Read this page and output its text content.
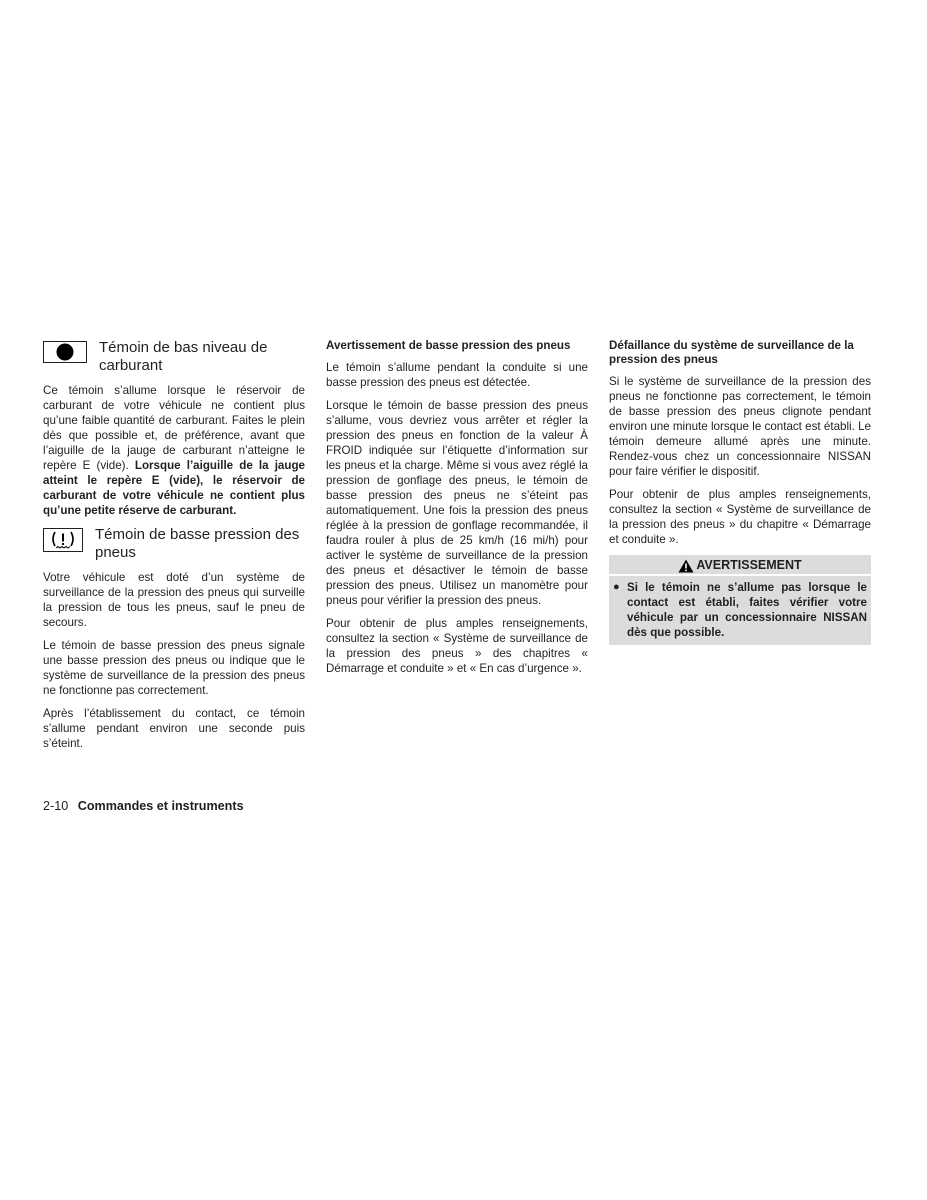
Témoin de bas niveau de carburant

Ce témoin s’allume lorsque le réservoir de carburant de votre véhicule ne contient plus qu’une faible quantité de carburant. Faites le plein dès que possible et, de préférence, avant que l’aiguille de la jauge de carburant n’atteigne le repère E (vide). Lorsque l’aiguille de la jauge atteint le repère E (vide), le réservoir de carburant de votre véhicule ne contient plus qu’une petite réserve de carburant.

Témoin de basse pression des pneus

Votre véhicule est doté d’un système de surveillance de la pression des pneus qui surveille la pression de tous les pneus, sauf le pneu de secours.

Le témoin de basse pression des pneus signale une basse pression des pneus ou indique que le système de surveillance de la pression des pneus ne fonctionne pas correctement.

Après l’établissement du contact, ce témoin s’allume pendant environ une seconde puis s’éteint.

Avertissement de basse pression des pneus

Le témoin s’allume pendant la conduite si une basse pression des pneus est détectée.

Lorsque le témoin de basse pression des pneus s’allume, vous devriez vous arrêter et régler la pression des pneus en fonction de la valeur À FROID indiquée sur l’étiquette d’information sur les pneus et la charge. Même si vous avez réglé la pression de gonflage des pneus, le témoin de basse pression des pneus ne s’éteint pas automatiquement. Une fois la pression des pneus réglée à la pression de gonflage recommandée, il faudra rouler à plus de 25 km/h (16 mi/h) pour activer le système de surveillance de la pression des pneus et désactiver le témoin de basse pression des pneus. Utilisez un manomètre pour pneus pour vérifier la pression des pneus.

Pour obtenir de plus amples renseignements, consultez la section « Système de surveillance de la pression des pneus » des chapitres « Démarrage et conduite » et « En cas d’urgence ».

Défaillance du système de surveillance de la pression des pneus

Si le système de surveillance de la pression des pneus ne fonctionne pas correctement, le témoin de basse pression des pneus clignote pendant environ une minute lorsque le contact est établi. Le témoin demeure allumé après une minute. Rendez-vous chez un concessionnaire NISSAN pour faire vérifier le dispositif.

Pour obtenir de plus amples renseignements, consultez la section « Système de surveillance de la pression des pneus » du chapitre « Démarrage et conduite ».

AVERTISSEMENT
● Si le témoin ne s’allume pas lorsque le contact est établi, faites vérifier votre véhicule par un concessionnaire NISSAN dès que possible.
2-10 Commandes et instruments
